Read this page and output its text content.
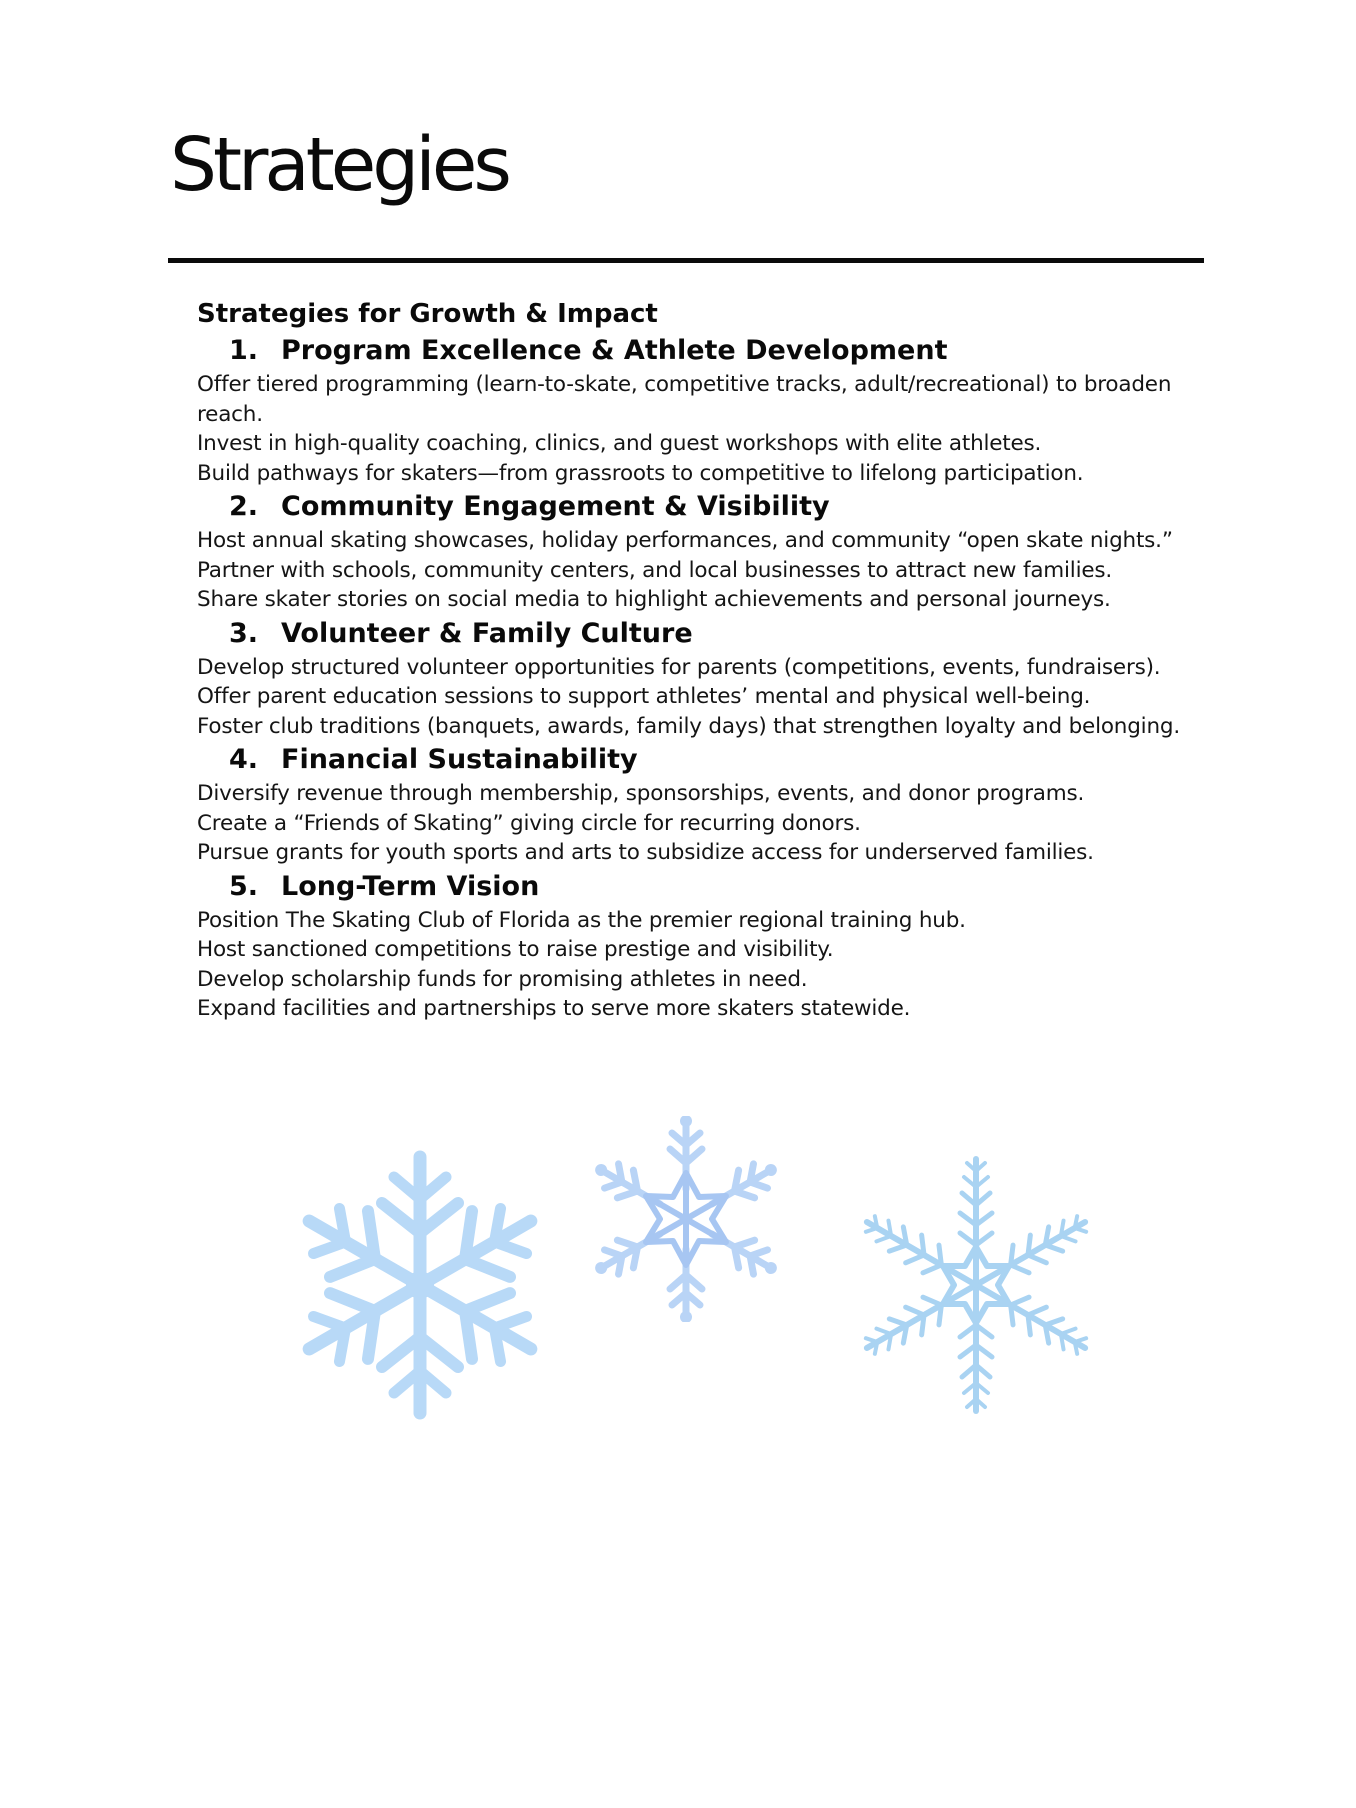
Strategies
Strategies for Growth & Impact
1. Program Excellence & Athlete Development

Offer tiered programming (learn-to-skate, competitive tracks, adult/recreational) to broaden reach.

Invest in high-quality coaching, clinics, and guest workshops with elite athletes.

Build pathways for skaters—from grassroots to competitive to lifelong participation.

2. Community Engagement & Visibility

Host annual skating showcases, holiday performances, and community “open skate nights.”

Partner with schools, community centers, and local businesses to attract new families.

Share skater stories on social media to highlight achievements and personal journeys.

3. Volunteer & Family Culture

Develop structured volunteer opportunities for parents (competitions, events, fundraisers).

Offer parent education sessions to support athletes’ mental and physical well-being.

Foster club traditions (banquets, awards, family days) that strengthen loyalty and belonging.

4. Financial Sustainability

Diversify revenue through membership, sponsorships, events, and donor programs.

Create a “Friends of Skating” giving circle for recurring donors.

Pursue grants for youth sports and arts to subsidize access for underserved families.

5. Long-Term Vision

Position The Skating Club of Florida as the premier regional training hub.

Host sanctioned competitions to raise prestige and visibility.

Develop scholarship funds for promising athletes in need.

Expand facilities and partnerships to serve more skaters statewide.
